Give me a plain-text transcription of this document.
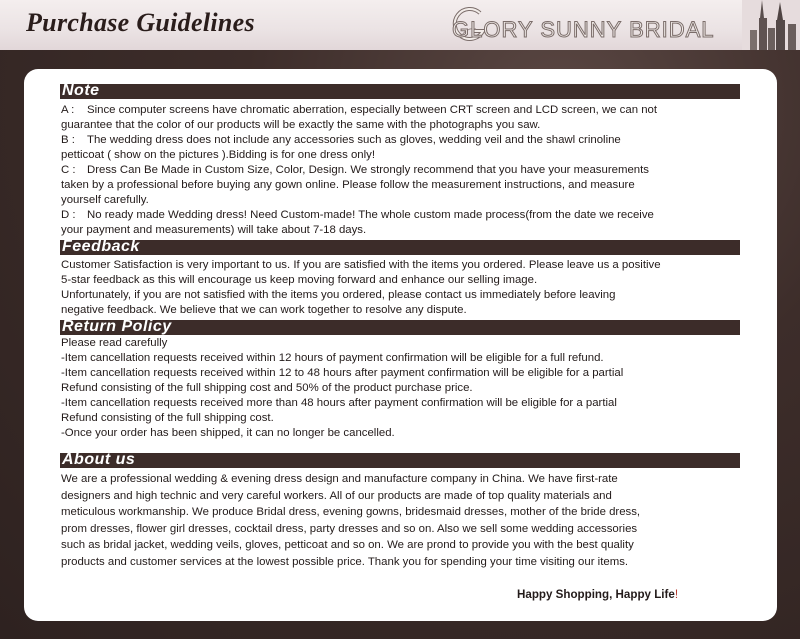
Purchase Guidelines	GLORY SUNNY BRIDAL
Note
A : Since computer screens have chromatic aberration, especially between CRT screen and LCD screen, we can not
guarantee that the color of our products will be exactly the same with the photographs you saw.
B : The wedding dress does not include any accessories such as gloves, wedding veil and the shawl crinoline
petticoat ( show on the pictures ).Bidding is for one dress only!
C : Dress Can Be Made in Custom Size, Color, Design. We strongly recommend that you have your measurements
taken by a professional before buying any gown online. Please follow the measurement instructions, and measure
yourself carefully.
D : No ready made Wedding dress! Need Custom-made! The whole custom made process(from the date we receive
your payment and measurements) will take about 7-18 days.
Feedback
Customer Satisfaction is very important to us. If you are satisfied with the items you ordered. Please leave us a positive
5-star feedback as this will encourage us keep moving forward and enhance our selling image.
Unfortunately, if you are not satisfied with the items you ordered, please contact us immediately before leaving
negative feedback. We believe that we can work together to resolve any dispute.
Return Policy
Please read carefully
-Item cancellation requests received within 12 hours of payment confirmation will be eligible for a full refund.
-Item cancellation requests received within 12 to 48 hours after payment confirmation will be eligible for a partial
Refund consisting of the full shipping cost and 50% of the product purchase price.
-Item cancellation requests received more than 48 hours after payment confirmation will be eligible for a partial
Refund consisting of the full shipping cost.
-Once your order has been shipped, it can no longer be cancelled.
About us
We are a professional wedding & evening dress design and manufacture company in China. We have first-rate
designers and high technic and very careful workers. All of our products are made of top quality materials and
meticulous workmanship. We produce Bridal dress, evening gowns, bridesmaid dresses, mother of the bride dress,
prom dresses, flower girl dresses, cocktail dress, party dresses and so on. Also we sell some wedding accessories
such as bridal jacket, wedding veils, gloves, petticoat and so on. We are prond to provide you with the best quality
products and customer services at the lowest possible price. Thank you for spending your time visiting our items.
Happy Shopping, Happy Life!
